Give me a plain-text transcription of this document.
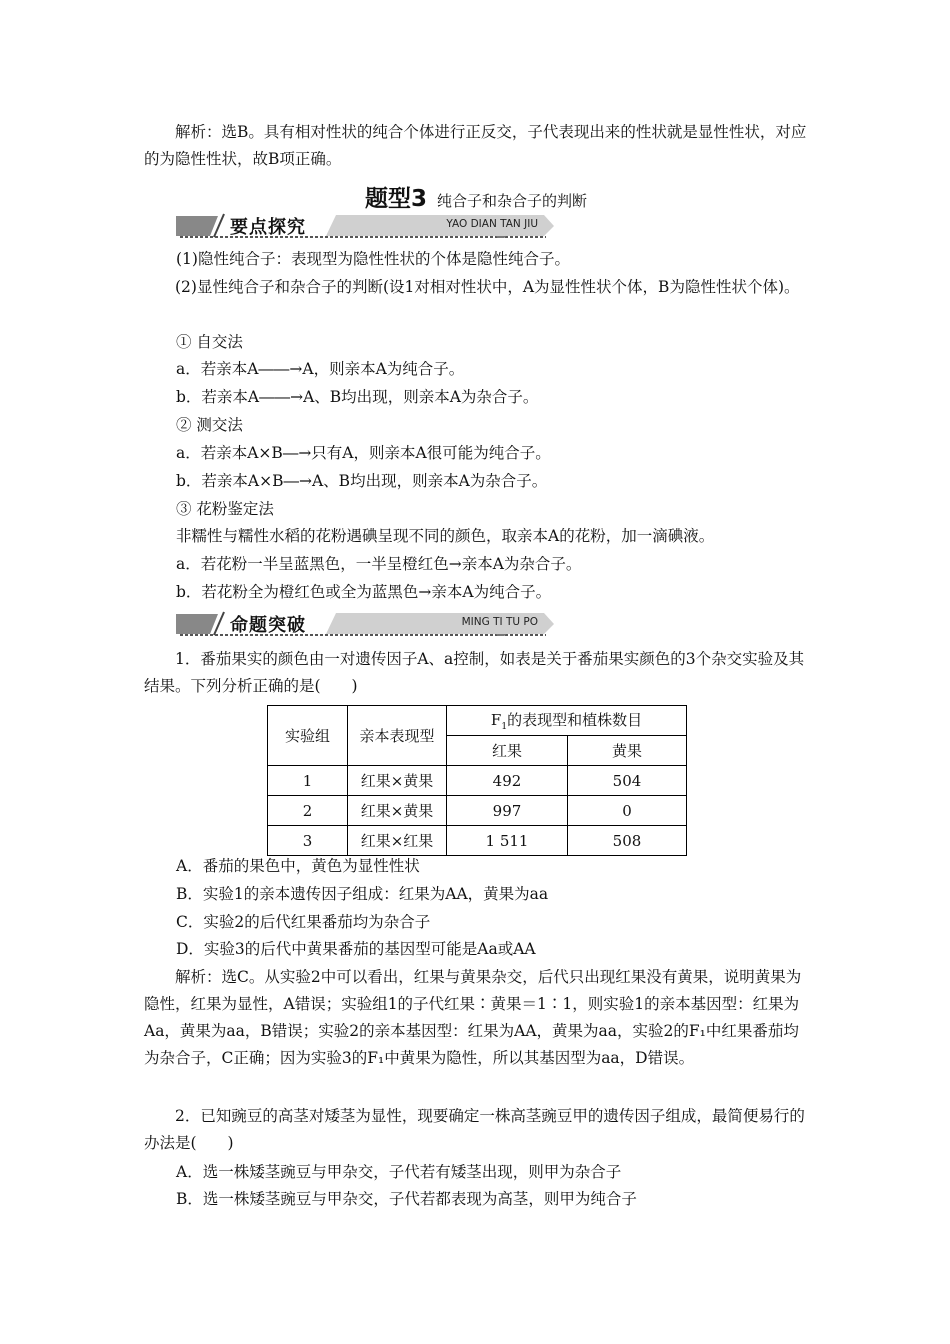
解析：选B。具有相对性状的纯合个体进行正反交，子代表现出来的性状就是显性性状，对应的为隐性性状，故B项正确。

题型3 纯合子和杂合子的判断
要点探究	YAO DIAN TAN JIU

(1)隐性纯合子：表现型为隐性性状的个体是隐性纯合子。

(2)显性纯合子和杂合子的判断(设1对相对性状中，A为显性性状个体，B为隐性性状个体)。

① 自交法

a．若亲本A――→A，则亲本A为纯合子。

b．若亲本A――→A、B均出现，则亲本A为杂合子。

② 测交法

a．若亲本A×B―→只有A，则亲本A很可能为纯合子。

b．若亲本A×B―→A、B均出现，则亲本A为杂合子。

③ 花粉鉴定法

非糯性与糯性水稻的花粉遇碘呈现不同的颜色，取亲本A的花粉，加一滴碘液。

a．若花粉一半呈蓝黑色，一半呈橙红色→亲本A为杂合子。

b．若花粉全为橙红色或全为蓝黑色→亲本A为纯合子。

命题突破	MING TI TU PO

1．番茄果实的颜色由一对遗传因子A、a控制，如表是关于番茄果实颜色的3个杂交实验及其结果。下列分析正确的是(　　)

实验组	亲本表现型	$F_1$的表现型和植株数目	
		红果	黄果
1	红果×黄果	492	504
2	红果×黄果	997	0
3	红果×红果	1 511	508

A．番茄的果色中，黄色为显性性状

B．实验1的亲本遗传因子组成：红果为AA，黄果为aa

C．实验2的后代红果番茄均为杂合子

D．实验3的后代中黄果番茄的基因型可能是Aa或AA

解析：选C。从实验2中可以看出，红果与黄果杂交，后代只出现红果没有黄果，说明黄果为隐性，红果为显性，A错误；实验组1的子代红果∶黄果＝1∶1，则实验1的亲本基因型：红果为Aa，黄果为aa，B错误；实验2的亲本基因型：红果为AA，黄果为aa，实验2的F₁中红果番茄均为杂合子，C正确；因为实验3的F₁中黄果为隐性，所以其基因型为aa，D错误。

2．已知豌豆的高茎对矮茎为显性，现要确定一株高茎豌豆甲的遗传因子组成，最简便易行的办法是(　　)

A．选一株矮茎豌豆与甲杂交，子代若有矮茎出现，则甲为杂合子

B．选一株矮茎豌豆与甲杂交，子代若都表现为高茎，则甲为纯合子
